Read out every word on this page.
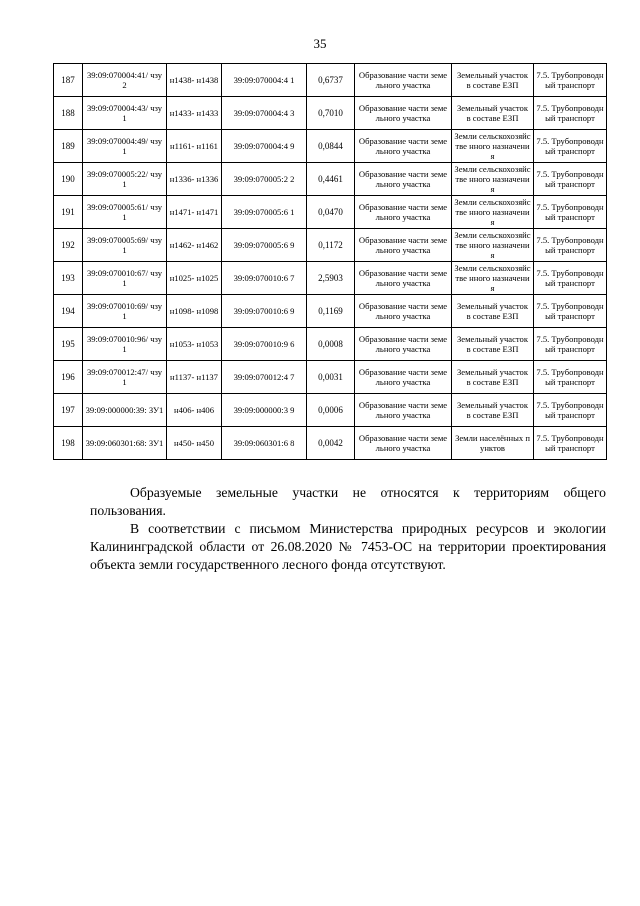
35
187	39:09:070004:41/ чзу2	н1438- н1438	39:09:070004:4 1	0,6737	Образование части земельного участка	Земельный участок в составе ЕЗП	7.5. Трубопроводн ый транспорт
188	39:09:070004:43/ чзу1	н1433- н1433	39:09:070004:4 3	0,7010	Образование части земельного участка	Земельный участок в составе ЕЗП	7.5. Трубопроводн ый транспорт
189	39:09:070004:49/ чзу1	н1161- н1161	39:09:070004:4 9	0,0844	Образование части земельного участка	Земли сельскохозяйстве нного назначения	7.5. Трубопроводн ый транспорт
190	39:09:070005:22/ чзу1	н1336- н1336	39:09:070005:2 2	0,4461	Образование части земельного участка	Земли сельскохозяйстве нного назначения	7.5. Трубопроводн ый транспорт
191	39:09:070005:61/ чзу1	н1471- н1471	39:09:070005:6 1	0,0470	Образование части земельного участка	Земли сельскохозяйстве нного назначения	7.5. Трубопроводн ый транспорт
192	39:09:070005:69/ чзу1	н1462- н1462	39:09:070005:6 9	0,1172	Образование части земельного участка	Земли сельскохозяйстве нного назначения	7.5. Трубопроводн ый транспорт
193	39:09:070010:67/ чзу1	н1025- н1025	39:09:070010:6 7	2,5903	Образование части земельного участка	Земли сельскохозяйстве нного назначения	7.5. Трубопроводн ый транспорт
194	39:09:070010:69/ чзу1	н1098- н1098	39:09:070010:6 9	0,1169	Образование части земельного участка	Земельный участок в составе ЕЗП	7.5. Трубопроводн ый транспорт
195	39:09:070010:96/ чзу1	н1053- н1053	39:09:070010:9 6	0,0008	Образование части земельного участка	Земельный участок в составе ЕЗП	7.5. Трубопроводн ый транспорт
196	39:09:070012:47/ чзу1	н1137- н1137	39:09:070012:4 7	0,0031	Образование части земельного участка	Земельный участок в составе ЕЗП	7.5. Трубопроводн ый транспорт
197	39:09:000000:39: ЗУ1	н406- н406	39:09:000000:3 9	0,0006	Образование части земельного участка	Земельный участок в составе ЕЗП	7.5. Трубопроводн ый транспорт
198	39:09:060301:68: ЗУ1	н450- н450	39:09:060301:6 8	0,0042	Образование части земельного участка	Земли населённых пунктов	7.5. Трубопроводн ый транспорт

Образуемые земельные участки не относятся к территориям общего пользования.

В соответствии с письмом Министерства природных ресурсов и экологии Калининградской области от 26.08.2020 № 7453-ОС на территории проектирования объекта земли государственного лесного фонда отсутствуют.
